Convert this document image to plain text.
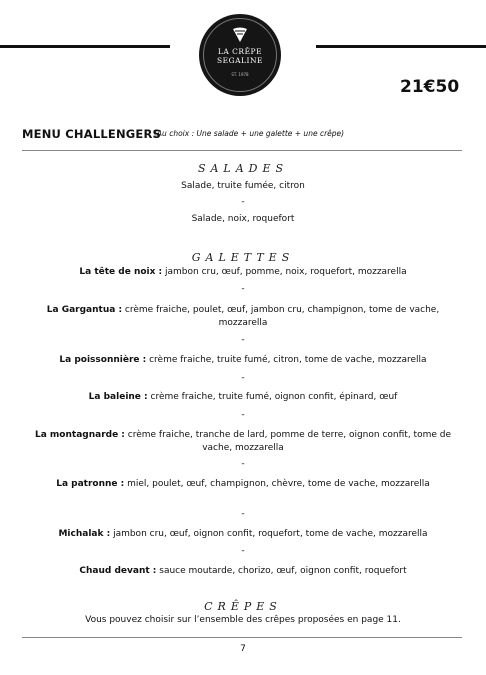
LA CRÊPE
SEGALINE
ST. 1978
21€50
MENU CHALLENGERS
(Au choix : Une salade + une galette + une crêpe)
SALADES
Salade, truite fumée, citron
-
Salade, noix, roquefort
GALETTES
La tête de noix : jambon cru, œuf, pomme, noix, roquefort, mozzarella
-
La Gargantua : crème fraiche, poulet, œuf, jambon cru, champignon, tome de vache, mozzarella
-
La poissonnière : crème fraiche, truite fumé, citron, tome de vache, mozzarella
-
La baleine : crème fraiche, truite fumé, oignon confit, épinard, œuf
-
La montagnarde : crème fraiche, tranche de lard, pomme de terre, oignon confit, tome de vache, mozzarella
-
La patronne : miel, poulet, œuf, champignon, chèvre, tome de vache, mozzarella
-
Michalak : jambon cru, œuf, oignon confit, roquefort, tome de vache, mozzarella
-
Chaud devant : sauce moutarde, chorizo, œuf, oignon confit, roquefort
CRÊPES
Vous pouvez choisir sur l’ensemble des crêpes proposées en page 11.
7
